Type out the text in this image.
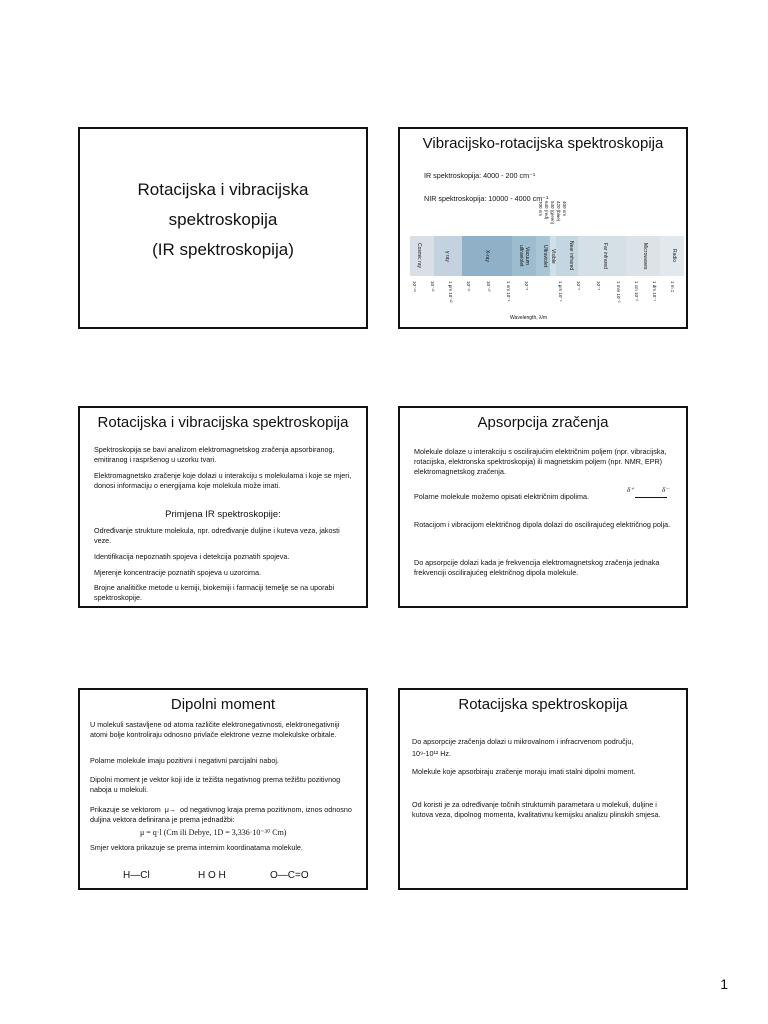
Rotacijska i vibracijska
spektroskopija
(IR spektroskopija)
Vibracijsko-rotacijska spektroskopija
IR spektroskopija: 4000 - 200 cm⁻¹
NIR spektroskopija: 10000 - 4000 cm⁻¹
700 nm 640 (red) 540 (green) 420 (blue) 400 nm
Cosmic ray	γ ray	X-ray	Vacuum ultraviolet	Ultraviolet Visible	Near infrared	Far infrared	Microwaves	Radio
10⁻¹⁴	10⁻¹³	1 pm 10⁻¹²	10⁻¹¹	10⁻¹⁰	1 nm 10⁻⁹	10⁻⁸	1 μm 10⁻⁶	10⁻⁵	10⁻⁴	1 mm 10⁻³	1 cm 10⁻²	1 dm 10⁻¹	1 m 1
Wavelength, λ/m
Rotacijska i vibracijska spektroskopija
Spektroskopija se bavi analizom elektromagnetskog zračenja apsorbiranog, emitiranog i raspršenog u uzorku tvari.
Elektromagnetsko zračenje koje dolazi u interakciju s molekulama i koje se mjeri, donosi informaciju o energijama koje molekula može imati.
Primjena IR spektroskopije:
Određivanje strukture molekula, npr. određivanje duljine i kuteva veza, jakosti veze.
Identifikacija nepoznatih spojeva i detekcija poznatih spojeva.
Mjerenje koncentracije poznatih spojeva u uzorcima.
Brojne analitičke metode u kemiji, biokemiji i farmaciji temelje se na uporabi spektroskopije.
Apsorpcija zračenja
Molekule dolaze u interakciju s oscilirajućim električnim poljem (npr. vibracijska, rotacijska, elektronska spektroskopija) ili magnetskim poljem (npr. NMR, EPR) elektromagnetskog zračenja.
Polarne molekule možemo opisati električnim dipolima.
δ⁺	δ⁻
Rotacijom i vibracijom električnog dipola dolazi do oscilirajućeg električnog polja.
Do apsorpcije dolazi kada je frekvencija elektromagnetskog zračenja jednaka frekvenciji oscilirajućeg električnog dipola molekule.
Dipolni moment
U molekuli sastavljene od atoma različite elektronegativnosti, elektronegativniji atomi bolje kontroliraju odnosno privlače elektrone vezne molekulske orbitale.
Polarne molekule imaju pozitivni i negativni parcijalni naboj.
Dipolni moment je vektor koji ide iz težišta negativnog prema težištu pozitivnog naboja u molekuli.
Prikazuje se vektorom  μ→  od negativnog kraja prema pozitivnom, iznos odnosno duljina vektora definirana je prema jednadžbi:
μ = q·l (Cm ili Debye, 1D = 3,336·10⁻³⁰ Cm)
Smjer vektora prikazuje se prema internim koordinatama molekule.
H—Cl	H O H	O—C=O
Rotacijska spektroskopija
Do apsorpcije zračenja dolazi u mikrovalnom i infracrvenom području,
10⁹-10¹² Hz.
Molekule koje apsorbiraju zračenje moraju imati stalni dipolni moment.
Od koristi je za određivanje točnih strukturnih parametara u molekuli, duljine i kutova veza, dipolnog momenta, kvalitativnu kemijsku analizu plinskih smjesa.
1
